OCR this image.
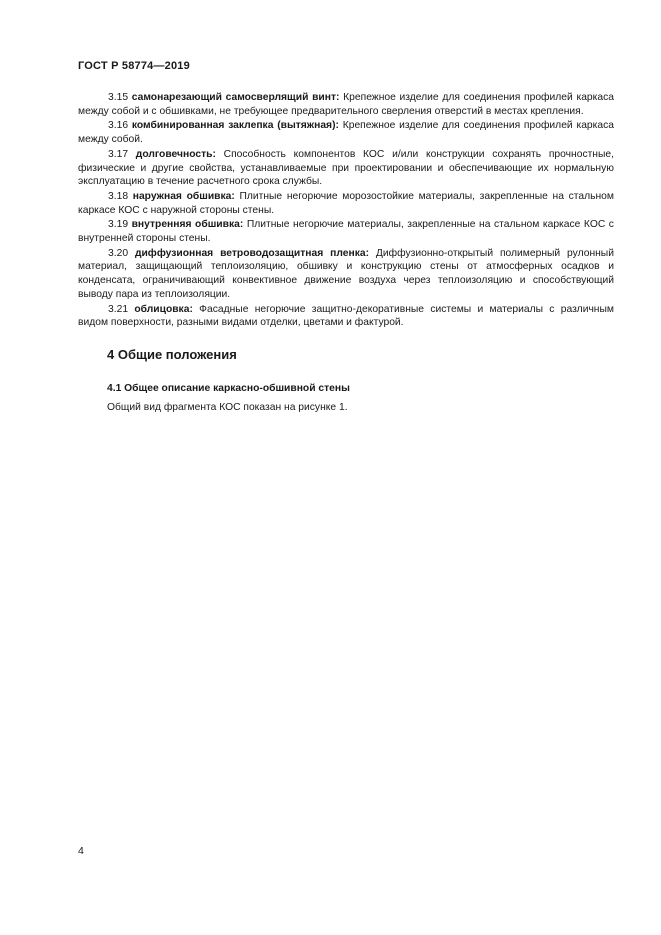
ГОСТ Р 58774—2019

3.15 самонарезающий самосверлящий винт: Крепежное изделие для соединения профилей каркаса между собой и с обшивками, не требующее предварительного сверления отверстий в местах крепления.

3.16 комбинированная заклепка (вытяжная): Крепежное изделие для соединения профилей каркаса между собой.

3.17 долговечность: Способность компонентов КОС и/или конструкции сохранять прочностные, физические и другие свойства, устанавливаемые при проектировании и обеспечивающие их нормальную эксплуатацию в течение расчетного срока службы.

3.18 наружная обшивка: Плитные негорючие морозостойкие материалы, закрепленные на стальном каркасе КОС с наружной стороны стены.

3.19 внутренняя обшивка: Плитные негорючие материалы, закрепленные на стальном каркасе КОС с внутренней стороны стены.

3.20 диффузионная ветроводозащитная пленка: Диффузионно-открытый полимерный рулонный материал, защищающий теплоизоляцию, обшивку и конструкцию стены от атмосферных осадков и конденсата, ограничивающий конвективное движение воздуха через теплоизоляцию и способствующий выводу пара из теплоизоляции.

3.21 облицовка: Фасадные негорючие защитно-декоративные системы и материалы с различным видом поверхности, разными видами отделки, цветами и фактурой.

4 Общие положения
4.1 Общее описание каркасно-обшивной стены
Общий вид фрагмента КОС показан на рисунке 1.
4
